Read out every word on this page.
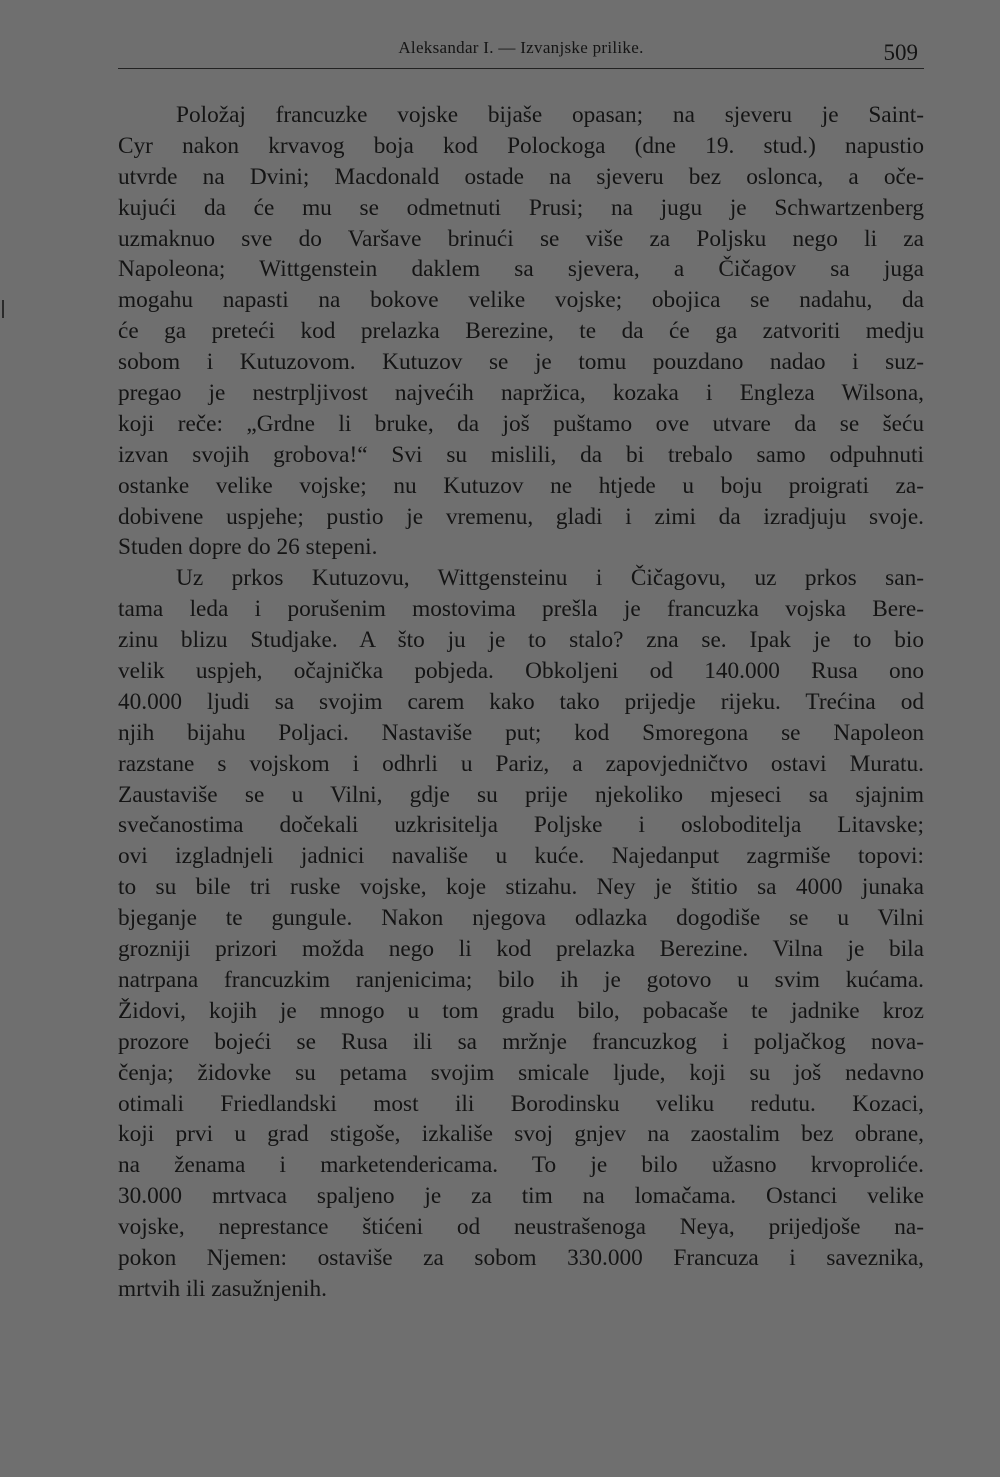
Aleksandar I. — Izvanjske prilike.	509
Položaj francuzke vojske bijaše opasan; na sjeveru je Saint-
Cyr nakon krvavog boja kod Polockoga (dne 19. stud.) napustio
utvrde na Dvini; Macdonald ostade na sjeveru bez oslonca, a oče-
kujući da će mu se odmetnuti Prusi; na jugu je Schwartzenberg
uzmaknuo sve do Varšave brinući se više za Poljsku nego li za
Napoleona; Wittgenstein daklem sa sjevera, a Čičagov sa juga
mogahu napasti na bokove velike vojske; obojica se nadahu, da
će ga preteći kod prelazka Berezine, te da će ga zatvoriti medju
sobom i Kutuzovom. Kutuzov se je tomu pouzdano nadao i suz-
pregao je nestrpljivost najvećih napržica, kozaka i Engleza Wilsona,
koji reče: „Grdne li bruke, da još puštamo ove utvare da se šeću
izvan svojih grobova!“ Svi su mislili, da bi trebalo samo odpuhnuti
ostanke velike vojske; nu Kutuzov ne htjede u boju proigrati za-
dobivene uspjehe; pustio je vremenu, gladi i zimi da izradjuju svoje.
Studen dopre do 26 stepeni.
Uz prkos Kutuzovu, Wittgensteinu i Čičagovu, uz prkos san-
tama leda i porušenim mostovima prešla je francuzka vojska Bere-
zinu blizu Studjake. A što ju je to stalo? zna se. Ipak je to bio
velik uspjeh, očajnička pobjeda. Obkoljeni od 140.000 Rusa ono
40.000 ljudi sa svojim carem kako tako prijedje rijeku. Trećina od
njih bijahu Poljaci. Nastaviše put; kod Smoregona se Napoleon
razstane s vojskom i odhrli u Pariz, a zapovjedničtvo ostavi Muratu.
Zaustaviše se u Vilni, gdje su prije njekoliko mjeseci sa sjajnim
svečanostima dočekali uzkrisitelja Poljske i osloboditelja Litavske;
ovi izgladnjeli jadnici navališe u kuće. Najedanput zagrmiše topovi:
to su bile tri ruske vojske, koje stizahu. Ney je štitio sa 4000 junaka
bjeganje te gungule. Nakon njegova odlazka dogodiše se u Vilni
grozniji prizori možda nego li kod prelazka Berezine. Vilna je bila
natrpana francuzkim ranjenicima; bilo ih je gotovo u svim kućama.
Židovi, kojih je mnogo u tom gradu bilo, pobacaše te jadnike kroz
prozore bojeći se Rusa ili sa mržnje francuzkog i poljačkog nova-
čenja; židovke su petama svojim smicale ljude, koji su još nedavno
otimali Friedlandski most ili Borodinsku veliku redutu. Kozaci,
koji prvi u grad stigoše, izkališe svoj gnjev na zaostalim bez obrane,
na ženama i marketendericama. To je bilo užasno krvoproliće.
30.000 mrtvaca spaljeno je za tim na lomačama. Ostanci velike
vojske, neprestance štićeni od neustrašenoga Neya, prijedjoše na-
pokon Njemen: ostaviše za sobom 330.000 Francuza i saveznika,
mrtvih ili zasužnjenih.
